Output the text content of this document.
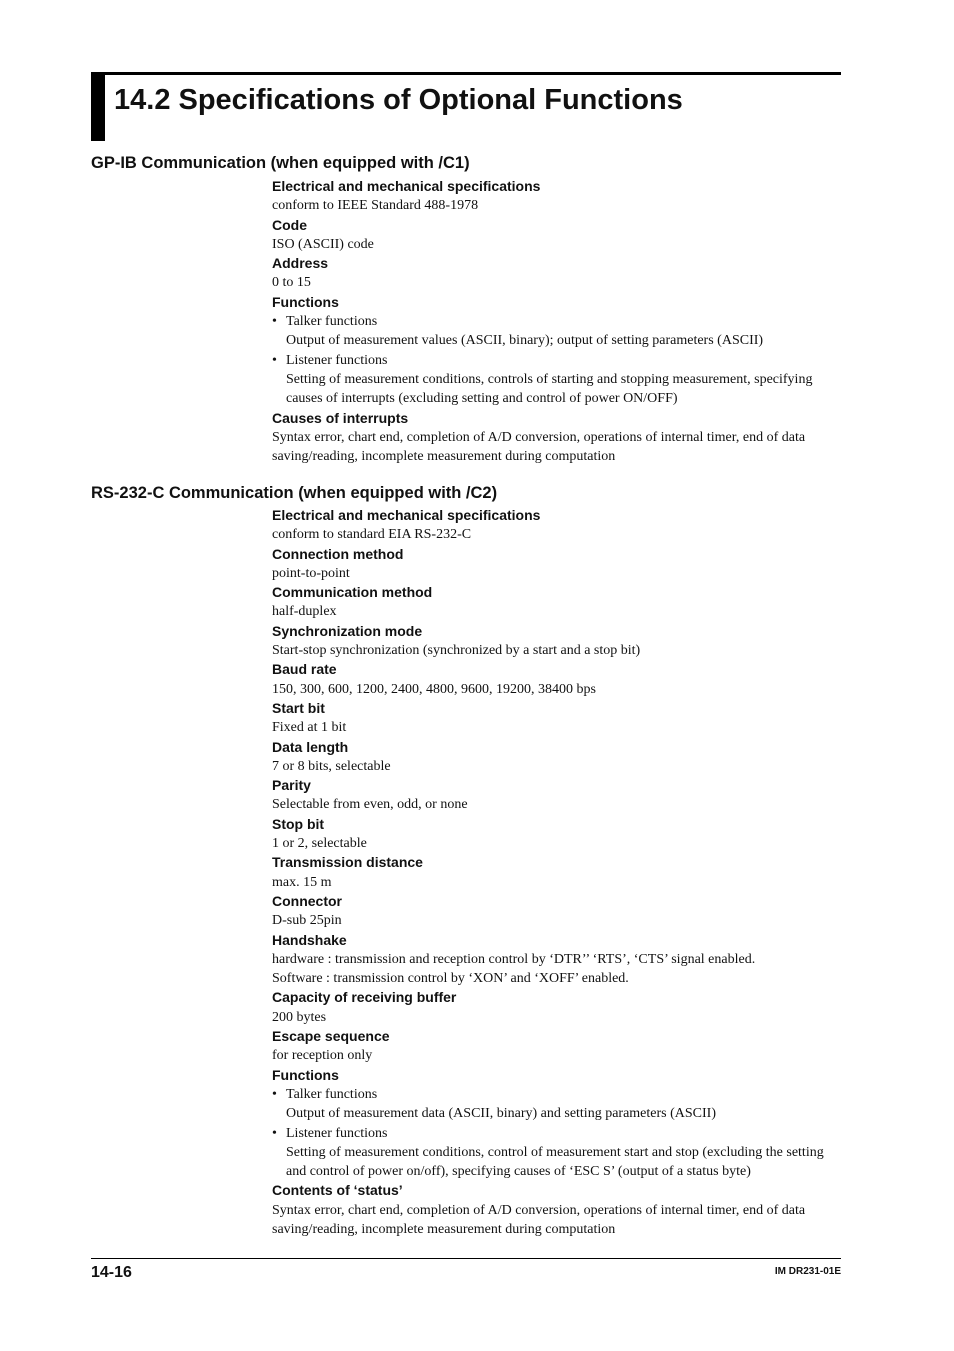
14.2 Specifications of Optional Functions
GP-IB Communication (when equipped with /C1)
Electrical and mechanical specifications
conform to IEEE Standard 488-1978
Code
ISO (ASCII) code
Address
0 to 15
Functions
• Talker functions
Output of measurement values (ASCII, binary); output of setting parameters (ASCII)
• Listener functions
Setting of measurement conditions, controls of starting and stopping measurement, specifying causes of interrupts (excluding setting and control of power ON/OFF)
Causes of interrupts
Syntax error, chart end, completion of A/D conversion, operations of internal timer, end of data saving/reading, incomplete measurement during computation
RS-232-C Communication (when equipped with /C2)
Electrical and mechanical specifications
conform to standard EIA RS-232-C
Connection method
point-to-point
Communication method
half-duplex
Synchronization mode
Start-stop synchronization (synchronized by a start and a stop bit)
Baud rate
150, 300, 600, 1200, 2400, 4800, 9600, 19200, 38400 bps
Start bit
Fixed at 1 bit
Data length
7 or 8 bits, selectable
Parity
Selectable from even, odd, or none
Stop bit
1 or 2, selectable
Transmission distance
max. 15 m
Connector
D-sub 25pin
Handshake
hardware : transmission and reception control by ‘DTR’’ ‘RTS’, ‘CTS’ signal enabled.
Software : transmission control by ‘XON’ and ‘XOFF’ enabled.
Capacity of receiving buffer
200 bytes
Escape sequence
for reception only
Functions
• Talker functions
Output of measurement data (ASCII, binary) and setting parameters (ASCII)
• Listener functions
Setting of measurement conditions, control of measurement start and stop (excluding the setting and control of power on/off), specifying causes of ‘ESC S’ (output of a status byte)
Contents of ‘status’
Syntax error, chart end, completion of A/D conversion, operations of internal timer, end of data saving/reading, incomplete measurement during computation
14-16	IM DR231-01E
